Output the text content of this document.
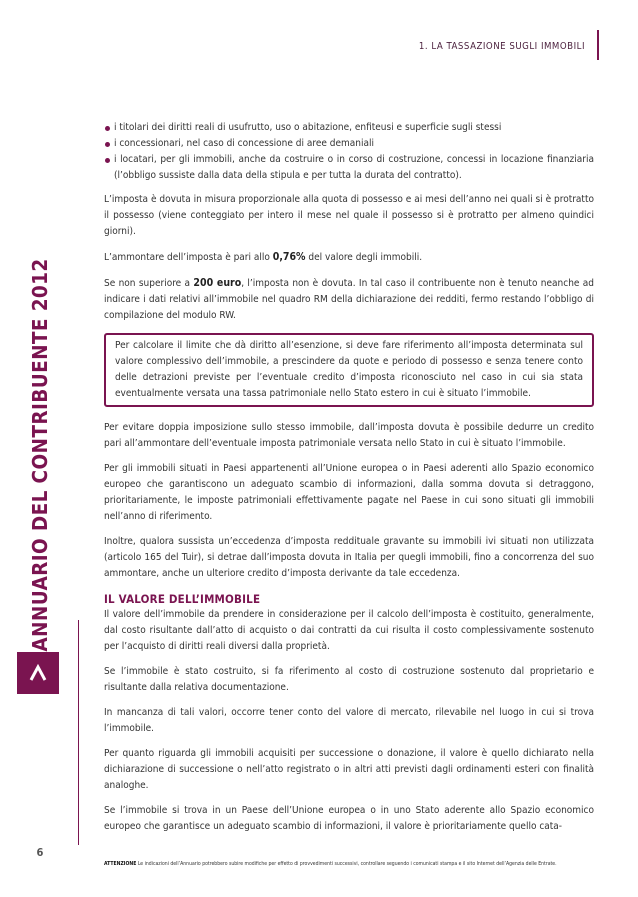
1. LA TASSAZIONE SUGLI IMMOBILI
ANNUARIO DEL CONTRIBUENTE 2012
6
i titolari dei diritti reali di usufrutto, uso o abitazione, enfiteusi e superficie sugli stessi
i concessionari, nel caso di concessione di aree demaniali
i locatari, per gli immobili, anche da costruire o in corso di costruzione, concessi in locazione finanziaria (l’obbligo sussiste dalla data della stipula e per tutta la durata del contratto).

L’imposta è dovuta in misura proporzionale alla quota di possesso e ai mesi dell’anno nei quali si è protratto il possesso (viene conteggiato per intero il mese nel quale il possesso si è protratto per almeno quindici giorni).

L’ammontare dell’imposta è pari allo 0,76% del valore degli immobili.

Se non superiore a 200 euro, l’imposta non è dovuta. In tal caso il contribuente non è tenuto neanche ad indicare i dati relativi all’immobile nel quadro RM della dichiarazione dei redditi, fermo restando l’obbligo di compilazione del modulo RW.

Per calcolare il limite che dà diritto all’esenzione, si deve fare riferimento all’imposta determinata sul valore complessivo dell’immobile, a prescindere da quote e periodo di possesso e senza tenere conto delle detrazioni previste per l’eventuale credito d’imposta riconosciuto nel caso in cui sia stata eventualmente versata una tassa patrimoniale nello Stato estero in cui è situato l’immobile.

Per evitare doppia imposizione sullo stesso immobile, dall’imposta dovuta è possibile dedurre un credito pari all’ammontare dell’eventuale imposta patrimoniale versata nello Stato in cui è situato l’immobile.

Per gli immobili situati in Paesi appartenenti all’Unione europea o in Paesi aderenti allo Spazio economico europeo che garantiscono un adeguato scambio di informazioni, dalla somma dovuta si detraggono, prioritariamente, le imposte patrimoniali effettivamente pagate nel Paese in cui sono situati gli immobili nell’anno di riferimento.

Inoltre, qualora sussista un’eccedenza d’imposta reddituale gravante su immobili ivi situati non utilizzata (articolo 165 del Tuir), si detrae dall’imposta dovuta in Italia per quegli immobili, fino a concorrenza del suo ammontare, anche un ulteriore credito d’imposta derivante da tale eccedenza.

IL VALORE DELL’IMMOBILE

Il valore dell’immobile da prendere in considerazione per il calcolo dell’imposta è costituito, generalmente, dal costo risultante dall’atto di acquisto o dai contratti da cui risulta il costo complessivamente sostenuto per l’acquisto di diritti reali diversi dalla proprietà.

Se l’immobile è stato costruito, si fa riferimento al costo di costruzione sostenuto dal proprietario e risultante dalla relativa documentazione.

In mancanza di tali valori, occorre tener conto del valore di mercato, rilevabile nel luogo in cui si trova l’immobile.

Per quanto riguarda gli immobili acquisiti per successione o donazione, il valore è quello dichiarato nella dichiarazione di successione o nell’atto registrato o in altri atti previsti dagli ordinamenti esteri con finalità analoghe.

Se l’immobile si trova in un Paese dell’Unione europea o in uno Stato aderente allo Spazio economico europeo che garantisce un adeguato scambio di informazioni, il valore è prioritariamente quello cata-

ATTENZIONE Le indicazioni dell’Annuario potrebbero subire modifiche per effetto di provvedimenti successivi, controllare seguendo i comunicati stampa e il sito Internet dell’Agenzia delle Entrate.
